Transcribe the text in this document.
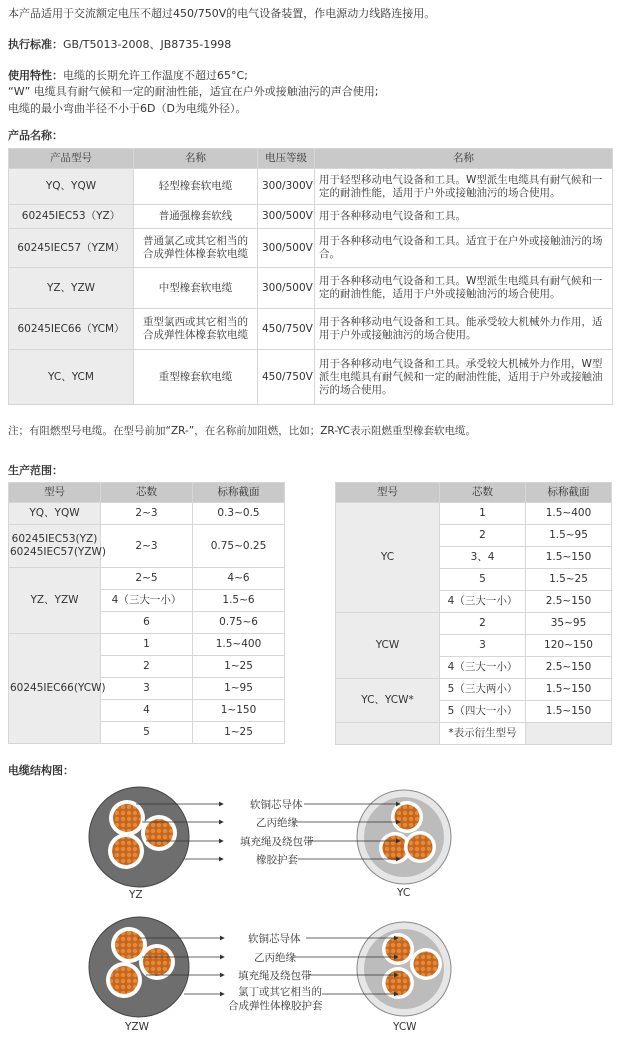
本产品适用于交流额定电压不超过450/750V的电气设备装置，作电源动力线路连接用。
执行标准：GB/T5013-2008、JB8735-1998
使用特性：电缆的长期允许工作温度不超过65°C;
“W” 电缆具有耐气候和一定的耐油性能，适宜在户外或接触油污的声合使用;
电缆的最小弯曲半径不小于6D（D为电缆外径）。
产品名称：
产品型号	名称	电压等级	名称
YQ、YQW	轻型橡套软电缆	300/300V	用于轻型移动电气设备和工具。W型派生电缆具有耐气候和一定的耐油性能，适用于户外或接触油污的场合使用。
60245IEC53（YZ）	普通强橡套软线	300/500V	用于各种移动电气设备和工具。
60245IEC57（YZM）	普通氯乙或其它相当的合成弹性体橡套软电缆	300/500V	用于各种移动电气设备和工具。适宜于在户外或接触油污的场合。
YZ、YZW	中型橡套软电缆	300/500V	用于各种移动电气设备和工具。W型派生电缆具有耐气候和一定的耐油性能，适用于户外或接触油污的场合使用。
60245IEC66（YCM）	重型氯西或其它相当的合成弹性体橡套软电缆	450/750V	用于各种移动电气设备和工具。能承受较大机械外力作用，适用于户外或接触油污的场合使用。
YC、YCM	重型橡套软电缆	450/750V	用于各种移动电气设备和工具。承受较大机械外力作用，W型派生电缆具有耐气候和一定的耐油性能，适用于户外或接触油污的场合使用。
注；有阻燃型号电缆。在型号前加“ZR-”，在名称前加阻燃，比如；ZR-YC表示阻燃重型橡套软电缆。
生产范围：
型号	芯数	标称截面
YQ、YQW	2~3	0.3~0.5
60245IEC53(YZ)
60245IEC57(YZW)	2~3	0.75~0.25
YZ、YZW	2~5	4~6
	4（三大一小）	1.5~6
	6	0.75~6
60245IEC66(YCW)	1	1.5~400
	2	1~25
	3	1~95
	4	1~150
	5	1~25
型号	芯数	标称截面
YC	1	1.5~400
	2	1.5~95
	3、4	1.5~150
	5	1.5~25
	4（三大一小）	2.5~150
YCW	2	35~95
	3	120~150
	4（三大一小）	2.5~150
YC、YCW*	5（三大两小）	1.5~150
	5（四大一小）	1.5~150
	*表示衍生型号	
电缆结构图：
软铜芯导体
乙丙绝缘
填充绳及绕包带
橡胶护套
YZ	YC
软铜芯导体
乙丙绝缘
填充绳及绕包带
氯丁或其它相当的
合成弹性体橡胶护套
YZW	YCW
